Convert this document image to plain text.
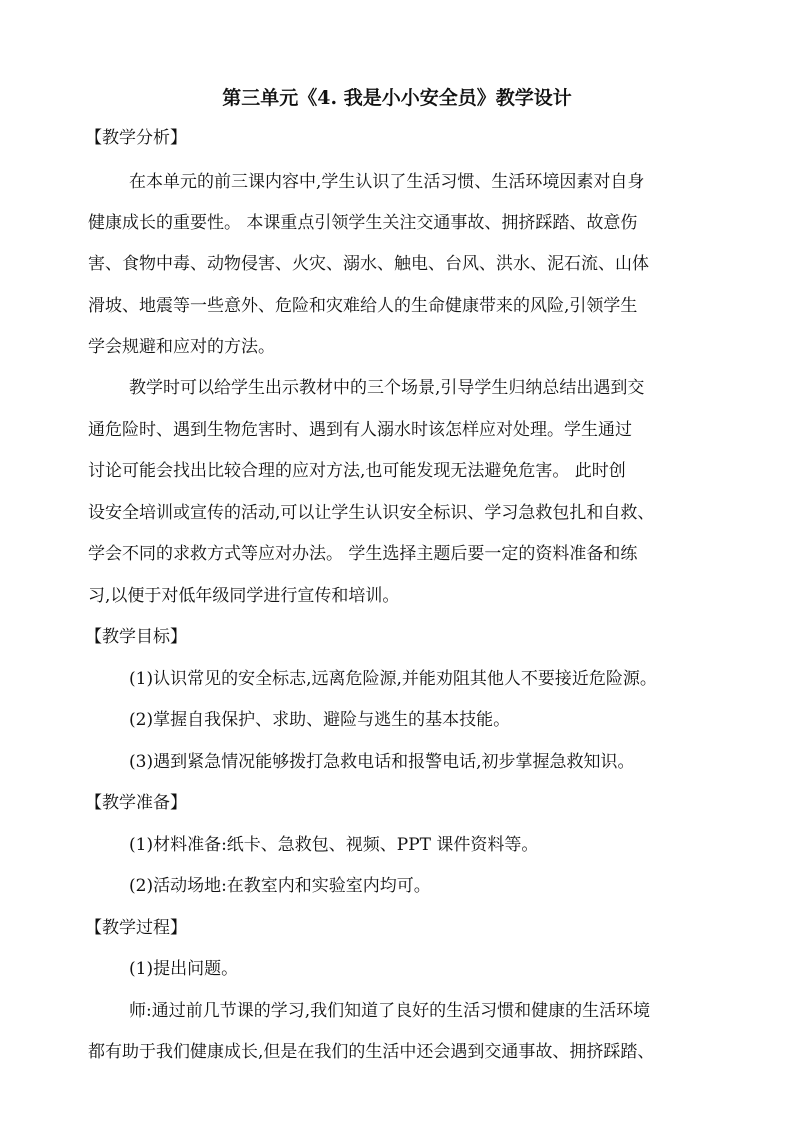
第三单元《4. 我是小小安全员》教学设计
【教学分析】
在本单元的前三课内容中,学生认识了生活习惯、生活环境因素对自身
健康成长的重要性。 本课重点引领学生关注交通事故、拥挤踩踏、故意伤
害、食物中毒、动物侵害、火灾、溺水、触电、台风、洪水、泥石流、山体
滑坡、地震等一些意外、危险和灾难给人的生命健康带来的风险,引领学生
学会规避和应对的方法。
教学时可以给学生出示教材中的三个场景,引导学生归纳总结出遇到交
通危险时、遇到生物危害时、遇到有人溺水时该怎样应对处理。学生通过
讨论可能会找出比较合理的应对方法,也可能发现无法避免危害。 此时创
设安全培训或宣传的活动,可以让学生认识安全标识、学习急救包扎和自救、
学会不同的求救方式等应对办法。 学生选择主题后要一定的资料准备和练
习,以便于对低年级同学进行宣传和培训。
【教学目标】
(1)认识常见的安全标志,远离危险源,并能劝阻其他人不要接近危险源。
(2)掌握自我保护、求助、避险与逃生的基本技能。
(3)遇到紧急情况能够拨打急救电话和报警电话,初步掌握急救知识。
【教学准备】
(1)材料准备:纸卡、急救包、视频、PPT 课件资料等。
(2)活动场地:在教室内和实验室内均可。
【教学过程】
(1)提出问题。
师:通过前几节课的学习,我们知道了良好的生活习惯和健康的生活环境
都有助于我们健康成长,但是在我们的生活中还会遇到交通事故、拥挤踩踏、
